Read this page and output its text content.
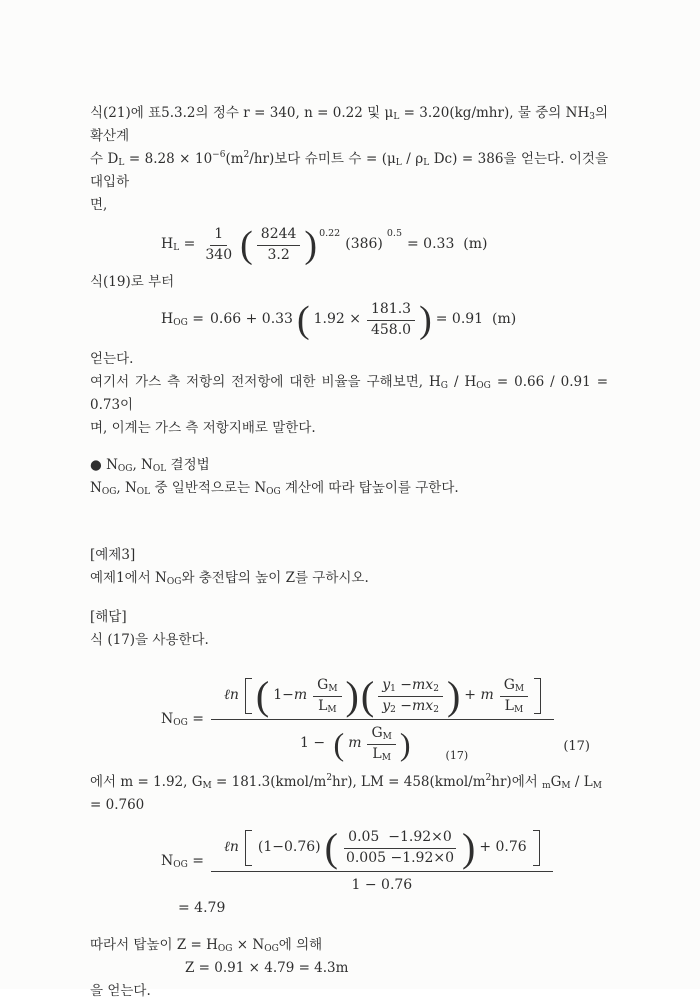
식(21)에 표5.3.2의 정수 r = 340, n = 0.22 및 $\mu_L = 3.20(kg/mhr)$, 물 중의 $NH_3$의 확산계
수 $D_L = 8.28 \times 10^{-6}(m^2/hr)$보다 슈미트 수 = ($\mu_L / \rho_L$ Dc) = 386을 얻는다. 이것을 대입하
면,
$H_L = \frac{1}{340}$ ( $\frac{8244}{3.2}$ ) 0.22
(386)
0.5
= 0.33  (m)
식(19)로 부터
$H_{OG} = 0.66 + 0.33$ ( $1.92 \times \frac{181.3}{458.0}$ ) = 0.91  (m)
얻는다.
여기서 가스 측 저항의 전저항에 대한 비율을 구해보면, $H_G / H_{OG} = 0.66 / 0.91 = 0.73$이
며, 이계는 가스 측 저항지배로 말한다.
● $N_{OG}$, $N_{OL}$ 결정법
$N_{OG}$, $N_{OL}$ 중 일반적으로는 $N_{OG}$ 계산에 따라 탑높이를 구한다.
[예제3]
예제1에서 $N_{OG}$와 충전탑의 높이 Z를 구하시오.
[해답]
식 (17)을 사용한다.
$N_{OG}$ =
ℓn ( $1-m \frac{G_M}{L_M}$ ) ( $\frac{y_1 -mx_2}{y_2 -mx_2}$ ) + m $\frac{G_M}{L_M}$
1 − ( m $\frac{G_M}{L_M}$ )	(17)
(17)
에서 m = 1.92, $G_M$ = $181.3(kmol/m^2hr)$, LM = $458(kmol/m^2hr)$에서 $_mG_M / L_M = 0.760$
$N_{OG}$ =
ℓn (1−0.76) ( $\frac{0.05 -1.92\times 0}{0.005 -1.92\times 0}$ ) + 0.76
1 − 0.76
= 4.79
따라서 탑높이 $Z = H_{OG} \times N_{OG}$에 의해
Z = 0.91 × 4.79 = 4.3m
을 얻는다.
